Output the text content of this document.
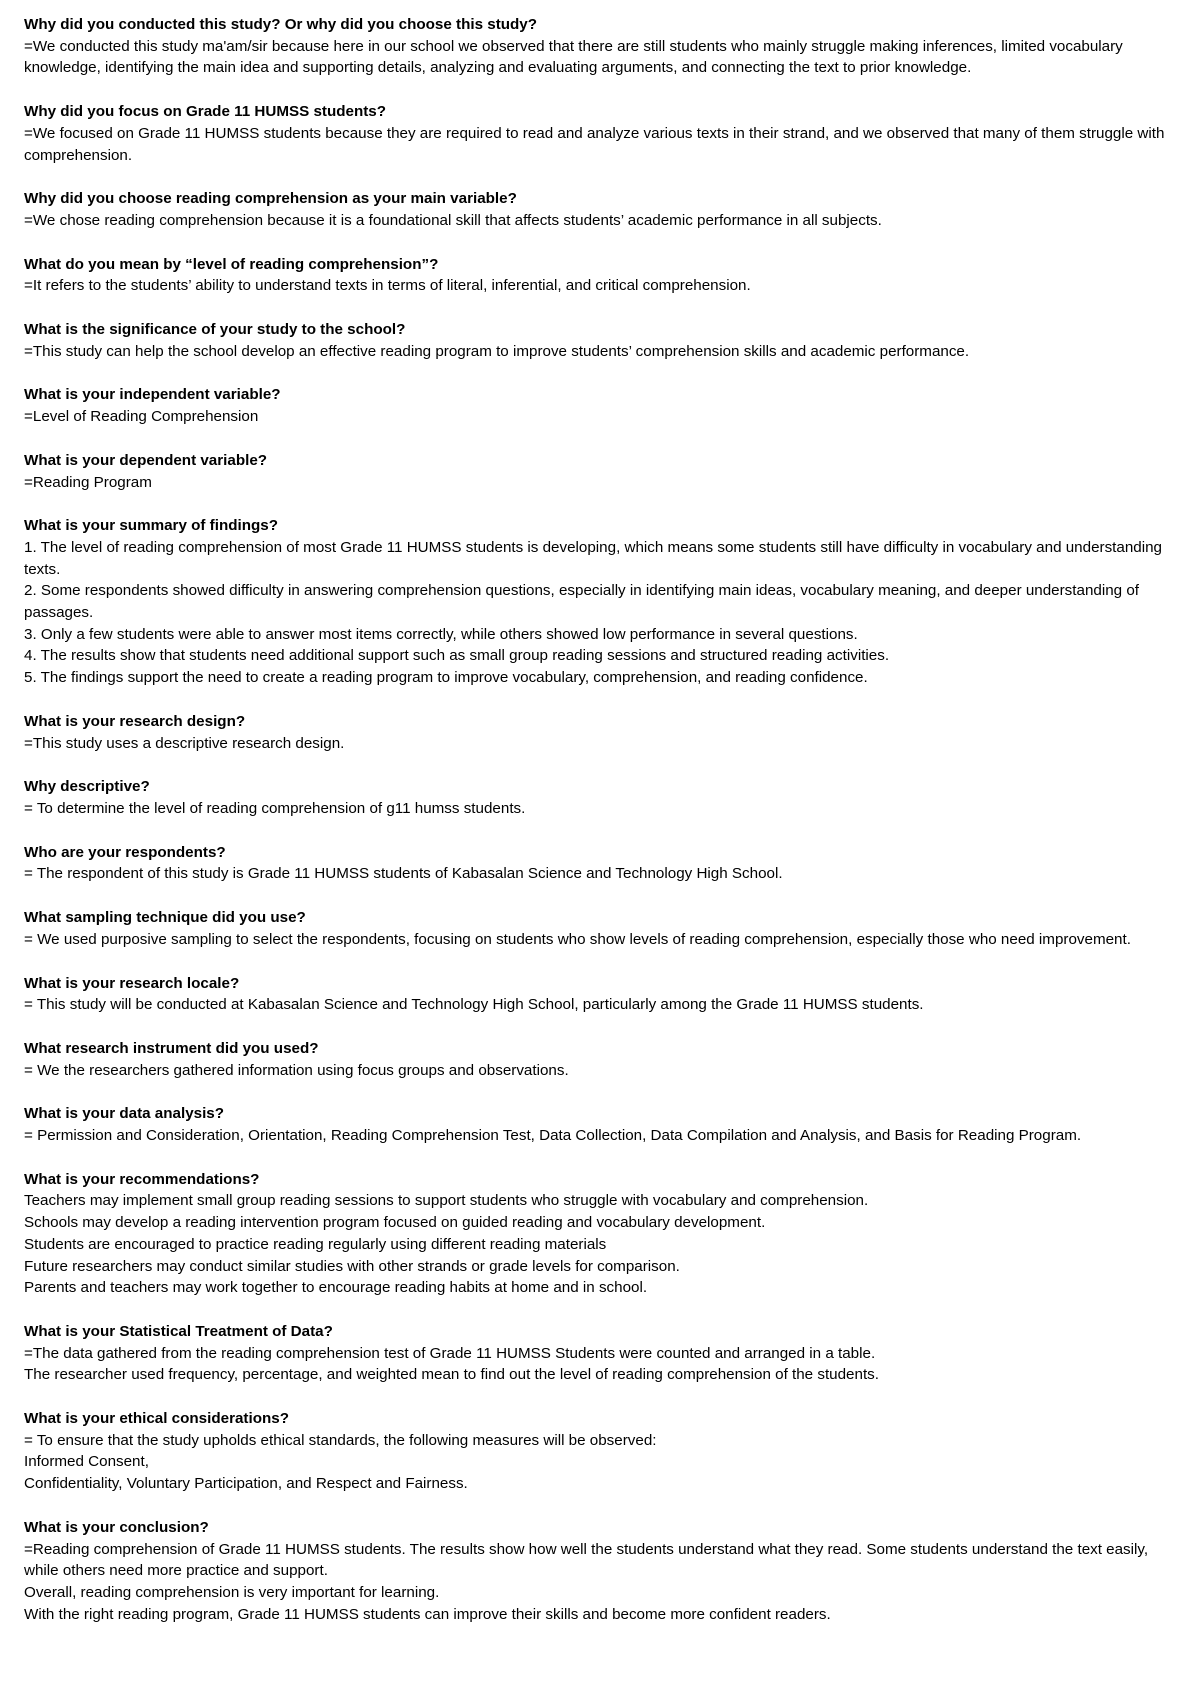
Why did you conducted this study? Or why did you choose this study?

=We conducted this study ma'am/sir because here in our school we observed that there are still students who mainly struggle making inferences, limited vocabulary knowledge, identifying the main idea and supporting details, analyzing and evaluating arguments, and connecting the text to prior knowledge.

Why did you focus on Grade 11 HUMSS students?

=We focused on Grade 11 HUMSS students because they are required to read and analyze various texts in their strand, and we observed that many of them struggle with comprehension.

Why did you choose reading comprehension as your main variable?

=We chose reading comprehension because it is a foundational skill that affects students’ academic performance in all subjects.

What do you mean by “level of reading comprehension”?

=It refers to the students’ ability to understand texts in terms of literal, inferential, and critical comprehension.

What is the significance of your study to the school?

=This study can help the school develop an effective reading program to improve students’ comprehension skills and academic performance.

What is your independent variable?

=Level of Reading Comprehension

What is your dependent variable?

=Reading Program

What is your summary of findings?

1. The level of reading comprehension of most Grade 11 HUMSS students is developing, which means some students still have difficulty in vocabulary and understanding texts.

2. Some respondents showed difficulty in answering comprehension questions, especially in identifying main ideas, vocabulary meaning, and deeper understanding of passages.

3. Only a few students were able to answer most items correctly, while others showed low performance in several questions.

4. The results show that students need additional support such as small group reading sessions and structured reading activities.

5. The findings support the need to create a reading program to improve vocabulary, comprehension, and reading confidence.

What is your research design?

=This study uses a descriptive research design.

Why descriptive?

= To determine the level of reading comprehension of g11 humss students.

Who are your respondents?

= The respondent of this study is Grade 11 HUMSS students of Kabasalan Science and Technology High School.

What sampling technique did you use?

= We used purposive sampling to select the respondents, focusing on students who show levels of reading comprehension, especially those who need improvement.

What is your research locale?

= This study will be conducted at Kabasalan Science and Technology High School, particularly among the Grade 11 HUMSS students.

What research instrument did you used?

= We the researchers gathered information using focus groups and observations.

What is your data analysis?

= Permission and Consideration, Orientation, Reading Comprehension Test, Data Collection, Data Compilation and Analysis, and Basis for Reading Program.

What is your recommendations?

Teachers may implement small group reading sessions to support students who struggle with vocabulary and comprehension.

Schools may develop a reading intervention program focused on guided reading and vocabulary development.

Students are encouraged to practice reading regularly using different reading materials

Future researchers may conduct similar studies with other strands or grade levels for comparison.

Parents and teachers may work together to encourage reading habits at home and in school.

What is your Statistical Treatment of Data?

=The data gathered from the reading comprehension test of Grade 11 HUMSS Students were counted and arranged in a table.

The researcher used frequency, percentage, and weighted mean to find out the level of reading comprehension of the students.

What is your ethical considerations?

= To ensure that the study upholds ethical standards, the following measures will be observed:

Informed Consent,

Confidentiality, Voluntary Participation, and Respect and Fairness.

What is your conclusion?

=Reading comprehension of Grade 11 HUMSS students. The results show how well the students understand what they read. Some students understand the text easily, while others need more practice and support.

Overall, reading comprehension is very important for learning.

With the right reading program, Grade 11 HUMSS students can improve their skills and become more confident readers.
